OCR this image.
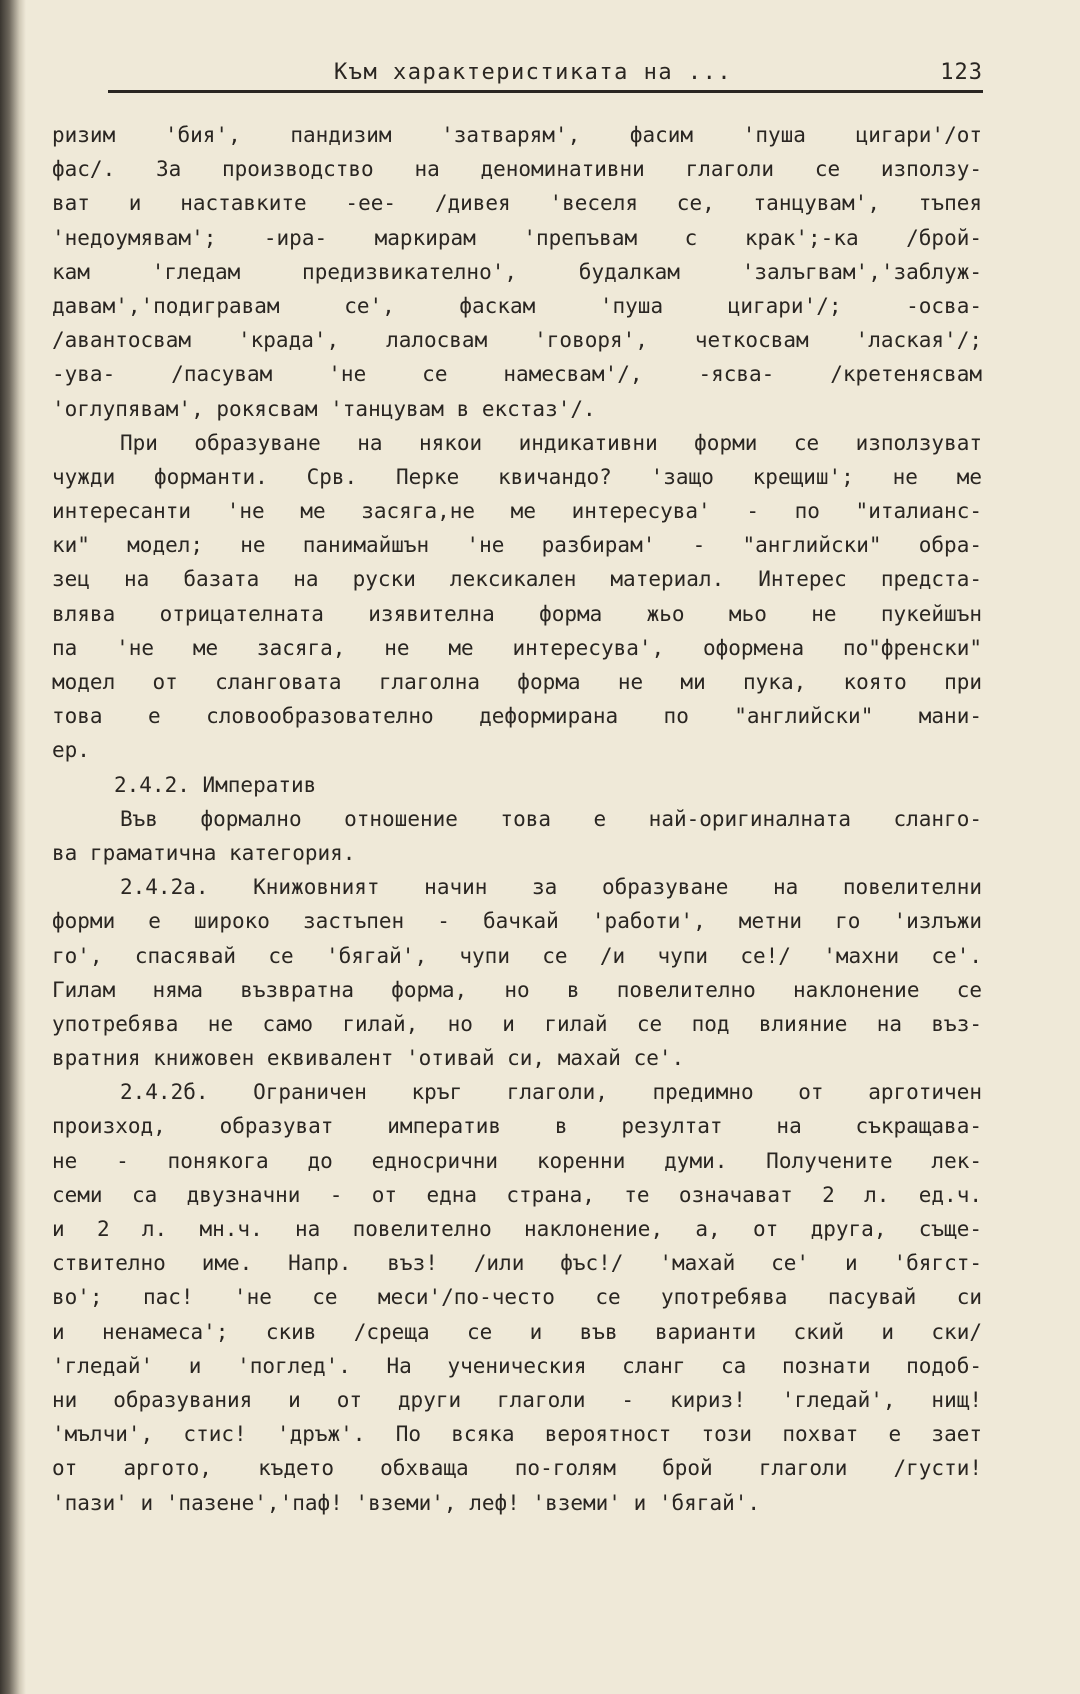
Към характеристиката на ...	123
ризим 'бия', пандизим 'затварям', фасим 'пуша цигари'/от
фас/. За производство на деноминативни глаголи се използу-
ват и наставките -ее- /дивея 'веселя се, танцувам', тъпея
'недоумявам'; -ира- маркирам 'препъвам с крак';-ка /брой-
кам 'гледам предизвикателно', будалкам 'залъгвам','заблуж-
давам','подигравам се', фаскам 'пуша цигари'/; -осва-
/авантосвам 'крада', лалосвам 'говоря', четкосвам 'лаская'/;
-ува- /пасувам 'не се намесвам'/, -ясва- /кретенясвам
'оглупявам', рокясвам 'танцувам в екстаз'/.
При образуване на някои индикативни форми се използуват
чужди форманти. Срв. Перке квичандо? 'защо крещиш'; не ме
интересанти 'не ме засяга,не ме интересува' - по "италианс-
ки" модел; не панимайшън 'не разбирам' - "английски" обра-
зец на базата на руски лексикален материал. Интерес предста-
влява отрицателната изявителна форма жьо мьо не пукейшън
па 'не ме засяга, не ме интересува', оформена по"френски"
модел от сланговата глаголна форма не ми пука, която при
това е словообразователно деформирана по "английски" мани-
ер.
2.4.2. Императив
Във формално отношение това е най-оригиналната сланго-
ва граматична категория.
2.4.2а. Книжовният начин за образуване на повелителни
форми е широко застъпен - бачкай 'работи', метни го 'излъжи
го', спасявай се 'бягай', чупи се /и чупи се!/ 'махни се'.
Гилам няма възвратна форма, но в повелително наклонение се
употребява не само гилай, но и гилай се под влияние на въз-
вратния книжовен еквивалент 'отивай си, махай се'.
2.4.2б. Ограничен кръг глаголи, предимно от арготичен
произход, образуват императив в резултат на съкращава-
не - понякога до едносрични коренни думи. Получените лек-
семи са двузначни - от една страна, те означават 2 л. ед.ч.
и 2 л. мн.ч. на повелително наклонение, а, от друга, съще-
ствително име. Напр. въз! /или фъс!/ 'махай се' и 'бягст-
во'; пас! 'не се меси'/по-често се употребява пасувай си
и ненамеса'; скив /среща се и във варианти ский и ски/
'гледай' и 'поглед'. На ученическия сланг са познати подоб-
ни образувания и от други глаголи - кириз! 'гледай', нищ!
'мълчи', стис! 'дръж'. По всяка вероятност този похват е зает
от аргото, където обхваща по-голям брой глаголи /густи!
'пази' и 'пазене','паф! 'вземи', леф! 'вземи' и 'бягай'.
